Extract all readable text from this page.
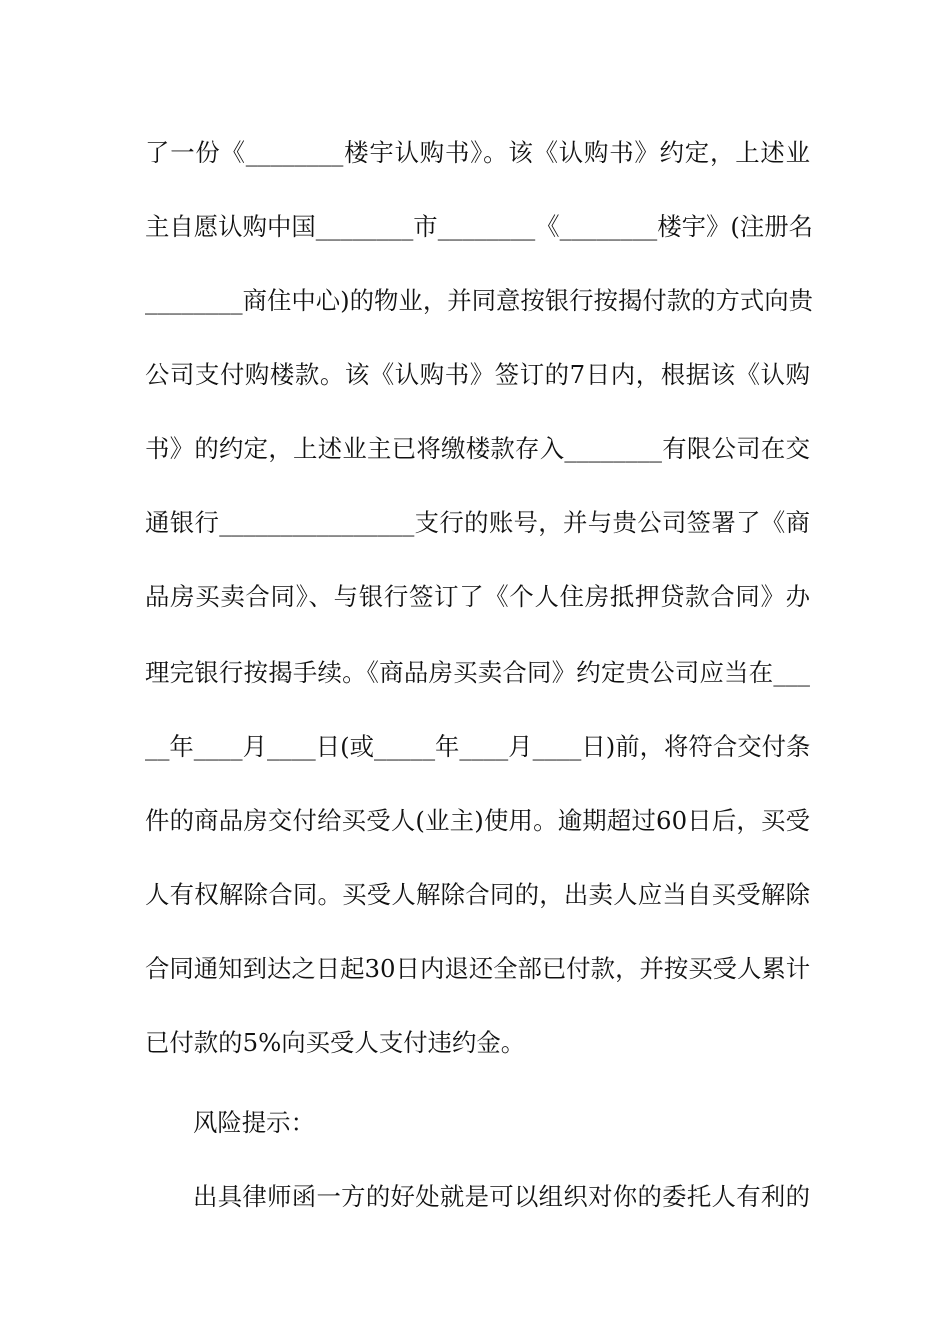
了一份《________楼宇认购书》。该《认购书》约定，上述业
主自愿认购中国________市________《________楼宇》(注册名
________商住中心)的物业，并同意按银行按揭付款的方式向贵
公司支付购楼款。该《认购书》签订的7日内，根据该《认购
书》的约定，上述业主已将缴楼款存入________有限公司在交
通银行________________支行的账号，并与贵公司签署了《商
品房买卖合同》、与银行签订了《个人住房抵押贷款合同》办
理完银行按揭手续。《商品房买卖合同》约定贵公司应当在___
__年____月____日(或_____年____月____日)前，将符合交付条
件的商品房交付给买受人(业主)使用。逾期超过60日后，买受
人有权解除合同。买受人解除合同的，出卖人应当自买受解除
合同通知到达之日起30日内退还全部已付款，并按买受人累计
已付款的5%向买受人支付违约金。
风险提示：
出具律师函一方的好处就是可以组织对你的委托人有利的
